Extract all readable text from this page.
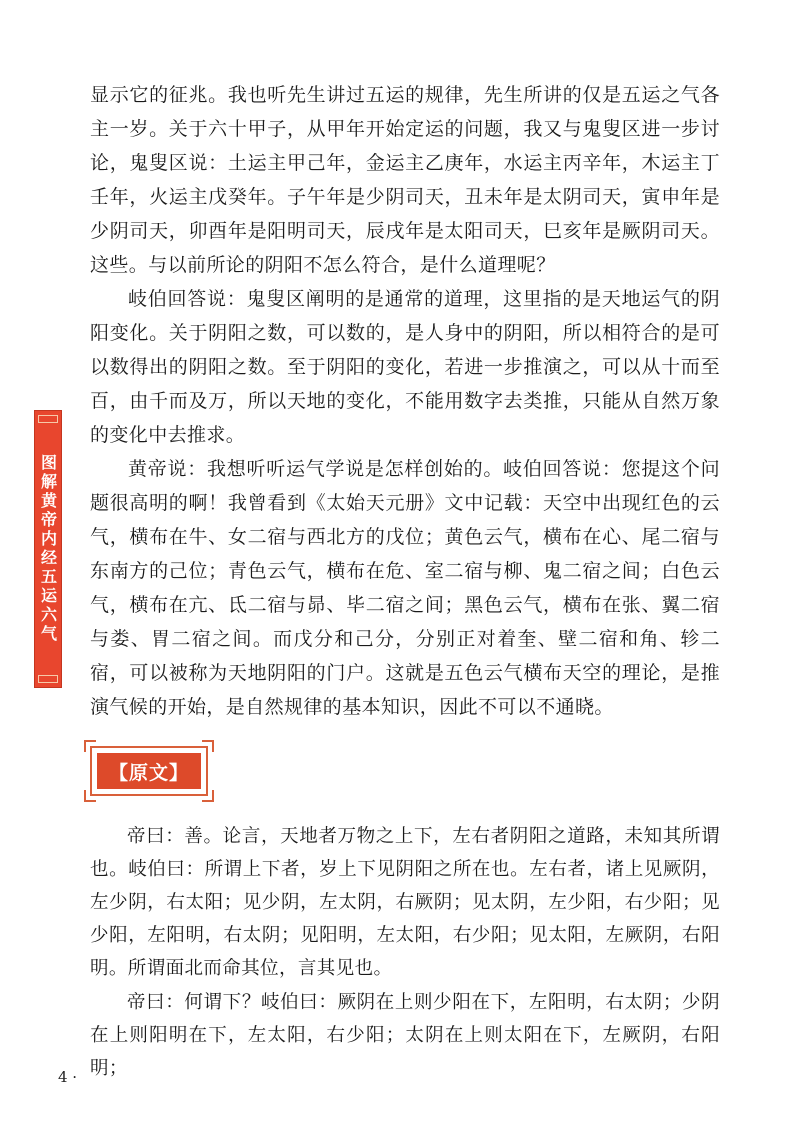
显示它的征兆。我也听先生讲过五运的规律，先生所讲的仅是五运之气各主一岁。关于六十甲子，从甲年开始定运的问题，我又与鬼叟区进一步讨论，鬼叟区说：土运主甲己年，金运主乙庚年，水运主丙辛年，木运主丁壬年，火运主戊癸年。子午年是少阴司天，丑未年是太阴司天，寅申年是少阴司天，卯酉年是阳明司天，辰戌年是太阳司天，巳亥年是厥阴司天。这些。与以前所论的阴阳不怎么符合，是什么道理呢？

岐伯回答说：鬼叟区阐明的是通常的道理，这里指的是天地运气的阴阳变化。关于阴阳之数，可以数的，是人身中的阴阳，所以相符合的是可以数得出的阴阳之数。至于阴阳的变化，若进一步推演之，可以从十而至百，由千而及万，所以天地的变化，不能用数字去类推，只能从自然万象的变化中去推求。

黄帝说：我想听听运气学说是怎样创始的。岐伯回答说：您提这个问题很高明的啊！我曾看到《太始天元册》文中记载：天空中出现红色的云气，横布在牛、女二宿与西北方的戊位；黄色云气，横布在心、尾二宿与东南方的己位；青色云气，横布在危、室二宿与柳、鬼二宿之间；白色云气，横布在亢、氐二宿与昴、毕二宿之间；黑色云气，横布在张、翼二宿与娄、胃二宿之间。而戊分和己分，分别正对着奎、壁二宿和角、轸二宿，可以被称为天地阴阳的门户。这就是五色云气横布天空的理论，是推演气候的开始，是自然规律的基本知识，因此不可以不通晓。

图解黄帝内经五运六气
【原文】

帝曰：善。论言，天地者万物之上下，左右者阴阳之道路，未知其所谓也。岐伯曰：所谓上下者，岁上下见阴阳之所在也。左右者，诸上见厥阴，左少阴，右太阳；见少阴，左太阴，右厥阴；见太阴，左少阳，右少阳；见少阳，左阳明，右太阴；见阳明，左太阳，右少阳；见太阳，左厥阴，右阳明。所谓面北而命其位，言其见也。

帝曰：何谓下？岐伯曰：厥阴在上则少阳在下，左阳明，右太阴；少阴在上则阳明在下，左太阳，右少阳；太阴在上则太阳在下，左厥阴，右阳明；

4 ·
